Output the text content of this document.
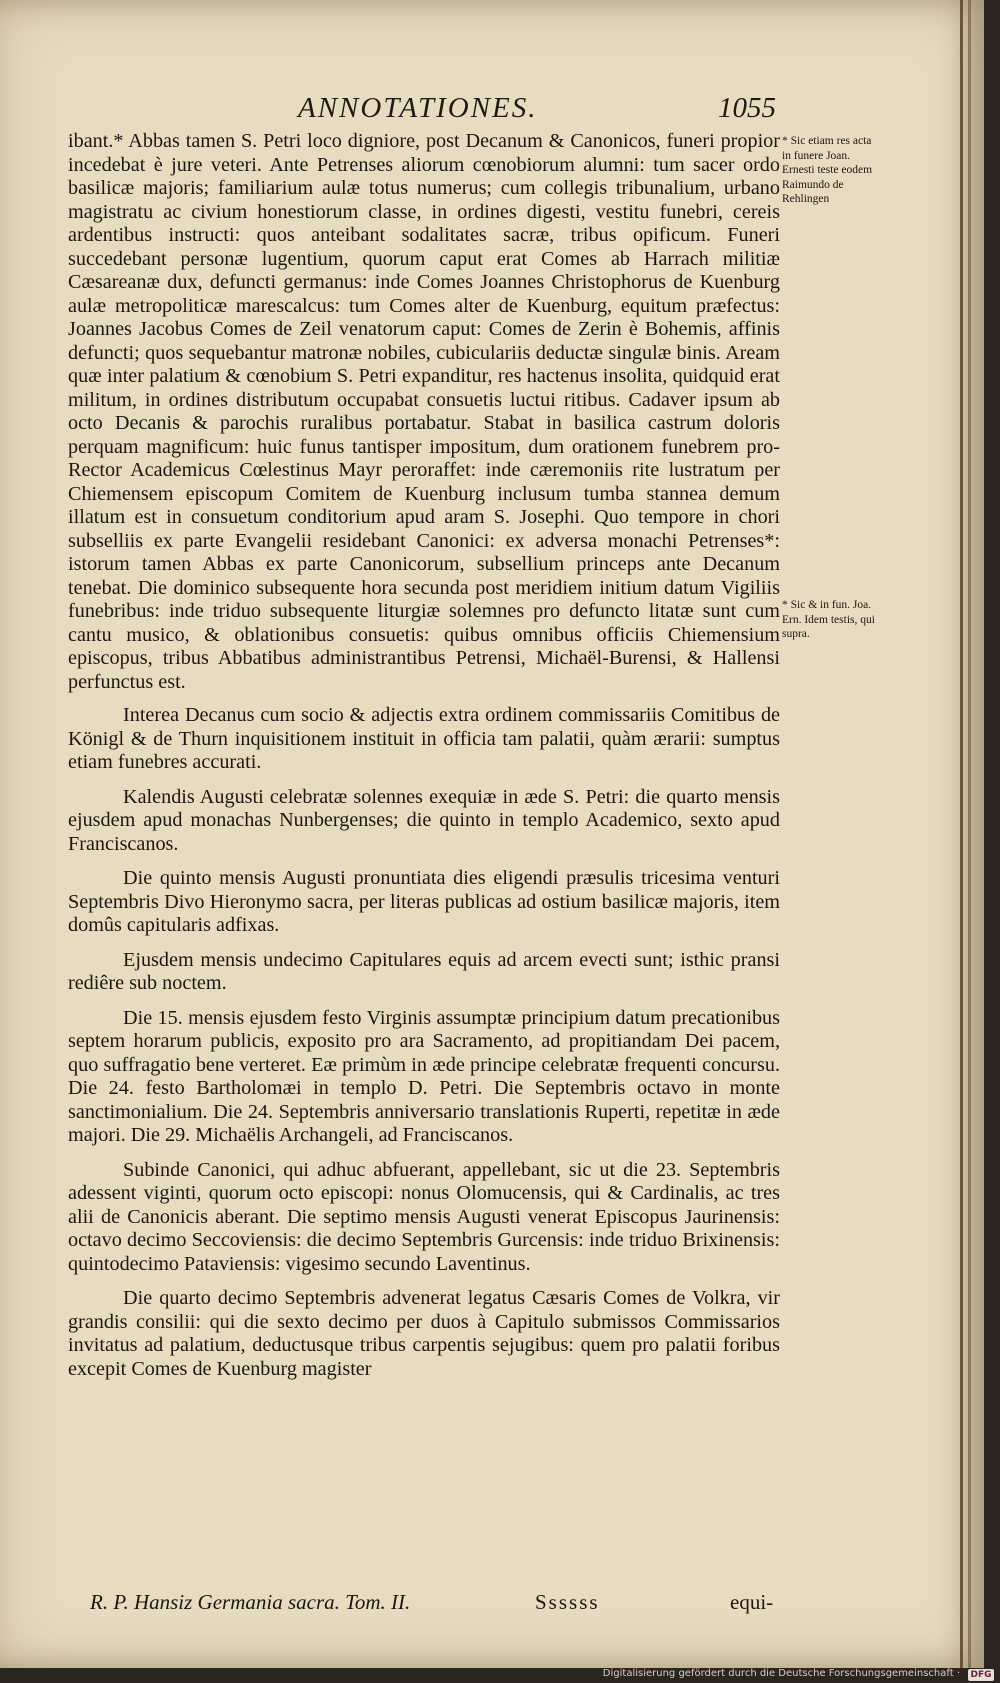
ANNOTATIONES.	1055

ibant.* Abbas tamen S. Petri loco digniore, post Decanum & Canonicos, funeri propior incedebat è jure veteri. Ante Petrenses aliorum cœnobiorum alumni: tum sacer ordo basilicæ majoris; familiarium aulæ totus numerus; cum collegis tribunalium, urbano magistratu ac civium honestiorum classe, in ordines digesti, vestitu funebri, cereis ardentibus instructi: quos anteibant sodalitates sacræ, tribus opificum. Funeri succedebant personæ lugentium, quorum caput erat Comes ab Harrach militiæ Cæsareanæ dux, defuncti germanus: inde Comes Joannes Christophorus de Kuenburg aulæ metropoliticæ marescalcus: tum Comes alter de Kuenburg, equitum præfectus: Joannes Jacobus Comes de Zeil venatorum caput: Comes de Zerin è Bohemis, affinis defuncti; quos sequebantur matronæ nobiles, cubiculariis deductæ singulæ binis. Aream quæ inter palatium & cœnobium S. Petri expanditur, res hactenus insolita, quidquid erat militum, in ordines distributum occupabat consuetis luctui ritibus. Cadaver ipsum ab octo Decanis & parochis ruralibus portabatur. Stabat in basilica castrum doloris perquam magnificum: huic funus tantisper impositum, dum orationem funebrem pro-Rector Academicus Cœlestinus Mayr peroraffet: inde cæremoniis rite lustratum per Chiemensem episcopum Comitem de Kuenburg inclusum tumba stannea demum illatum est in consuetum conditorium apud aram S. Josephi. Quo tempore in chori subselliis ex parte Evangelii residebant Canonici: ex adversa monachi Petrenses*: istorum tamen Abbas ex parte Canonicorum, subsellium princeps ante Decanum tenebat. Die dominico subsequente hora secunda post meridiem initium datum Vigiliis funebribus: inde triduo subsequente liturgiæ solemnes pro defuncto litatæ sunt cum cantu musico, & oblationibus consuetis: quibus omnibus officiis Chiemensium episcopus, tribus Abbatibus administrantibus Petrensi, Michaël-Burensi, & Hallensi perfunctus est.

Interea Decanus cum socio & adjectis extra ordinem commissariis Comitibus de Königl & de Thurn inquisitionem instituit in officia tam palatii, quàm ærarii: sumptus etiam funebres accurati.

Kalendis Augusti celebratæ solennes exequiæ in æde S. Petri: die quarto mensis ejusdem apud monachas Nunbergenses; die quinto in templo Academico, sexto apud Franciscanos.

Die quinto mensis Augusti pronuntiata dies eligendi præsulis tricesima venturi Septembris Divo Hieronymo sacra, per literas publicas ad ostium basilicæ majoris, item domûs capitularis adfixas.

Ejusdem mensis undecimo Capitulares equis ad arcem evecti sunt; isthic pransi rediêre sub noctem.

Die 15. mensis ejusdem festo Virginis assumptæ principium datum precationibus septem horarum publicis, exposito pro ara Sacramento, ad propitiandam Dei pacem, quo suffragatio bene verteret. Eæ primùm in æde principe celebratæ frequenti concursu. Die 24. festo Bartholomæi in templo D. Petri. Die Septembris octavo in monte sanctimonialium. Die 24. Septembris anniversario translationis Ruperti, repetitæ in æde majori. Die 29. Michaëlis Archangeli, ad Franciscanos.

Subinde Canonici, qui adhuc abfuerant, appellebant, sic ut die 23. Septembris adessent viginti, quorum octo episcopi: nonus Olomucensis, qui & Cardinalis, ac tres alii de Canonicis aberant. Die septimo mensis Augusti venerat Episcopus Jaurinensis: octavo decimo Seccoviensis: die decimo Septembris Gurcensis: inde triduo Brixinensis: quintodecimo Pataviensis: vigesimo secundo Laventinus.

Die quarto decimo Septembris advenerat legatus Cæsaris Comes de Volkra, vir grandis consilii: qui die sexto decimo per duos à Capitulo submissos Commissarios invitatus ad palatium, deductusque tribus carpentis sejugibus: quem pro palatii foribus excepit Comes de Kuenburg magister

* Sic etiam res acta in funere Joan. Ernesti teste eodem Raimundo de Rehlingen
* Sic & in fun. Joa. Ern. Idem testis, qui supra.
R. P. Hansiz Germania sacra. Tom. II.	Ssssss	equi-
Digitalisierung gefördert durch die Deutsche Forschungsgemeinschaft · DFG
